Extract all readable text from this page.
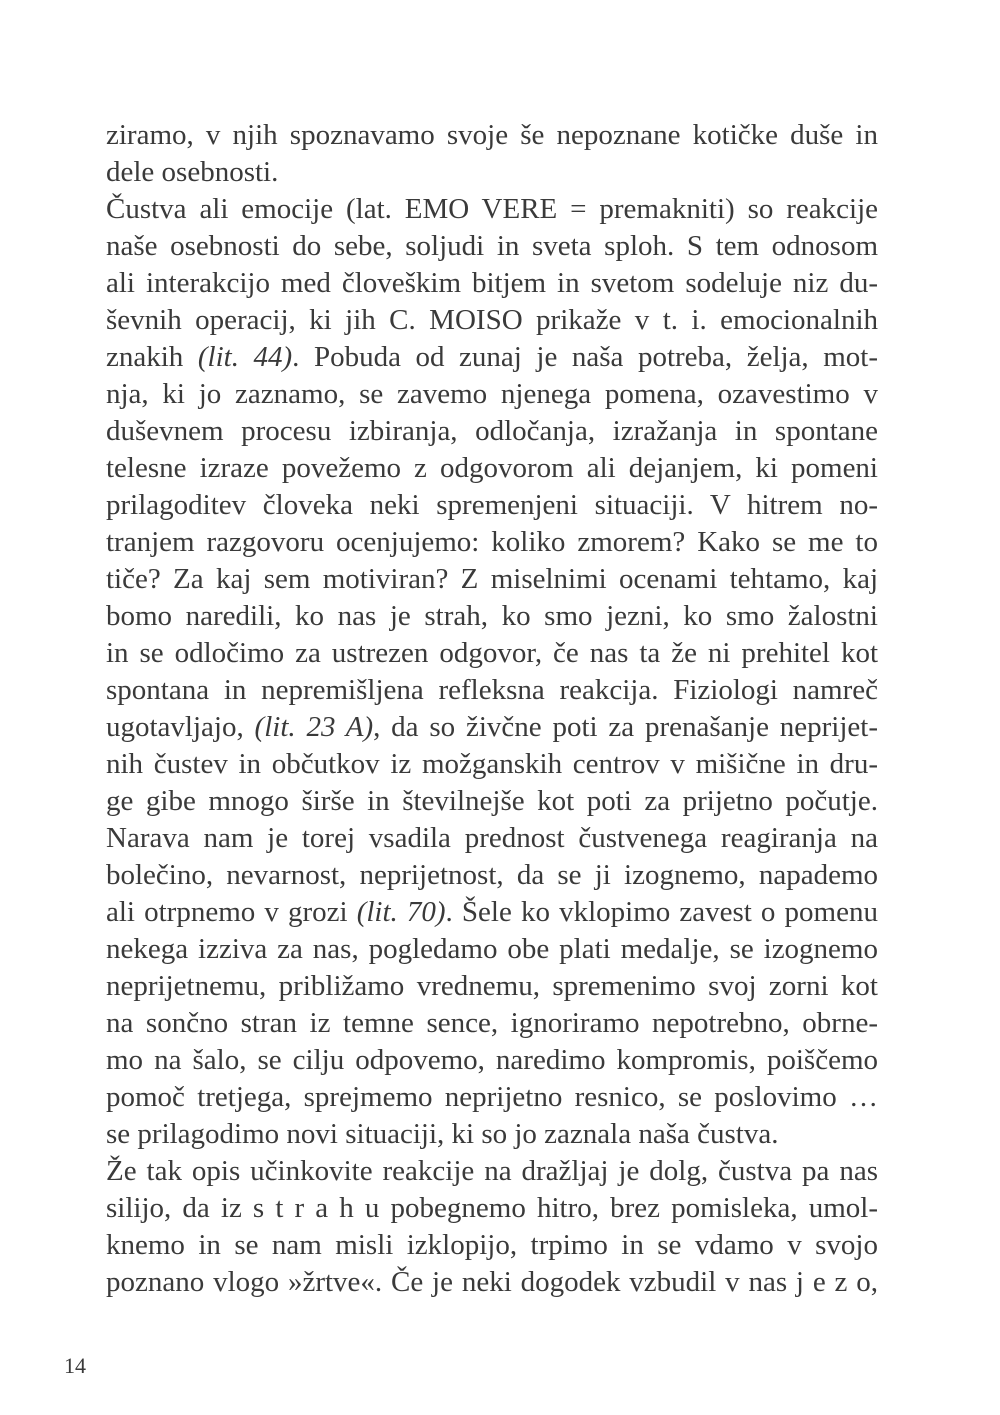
ziramo, v njih spoznavamo svoje še nepoznane kotičke duše in
dele osebnosti.
Čustva ali emocije (lat. EMO VERE = premakniti) so reakcije
naše osebnosti do sebe, soljudi in sveta sploh. S tem odnosom
ali interakcijo med človeškim bitjem in svetom sodeluje niz du-
ševnih operacij, ki jih C. MOISO prikaže v t. i. emocionalnih
znakih (lit. 44). Pobuda od zunaj je naša potreba, želja, mot-
nja, ki jo zaznamo, se zavemo njenega pomena, ozavestimo v
duševnem procesu izbiranja, odločanja, izražanja in spontane
telesne izraze povežemo z odgovorom ali dejanjem, ki pomeni
prilagoditev človeka neki spremenjeni situaciji. V hitrem no-
tranjem razgovoru ocenjujemo: koliko zmorem? Kako se me to
tiče? Za kaj sem motiviran? Z miselnimi ocenami tehtamo, kaj
bomo naredili, ko nas je strah, ko smo jezni, ko smo žalostni
in se odločimo za ustrezen odgovor, če nas ta že ni prehitel kot
spontana in nepremišljena refleksna reakcija. Fiziologi namreč
ugotavljajo, (lit. 23 A), da so živčne poti za prenašanje neprijet-
nih čustev in občutkov iz možganskih centrov v mišične in dru-
ge gibe mnogo širše in številnejše kot poti za prijetno počutje.
Narava nam je torej vsadila prednost čustvenega reagiranja na
bolečino, nevarnost, neprijetnost, da se ji izognemo, napademo
ali otrpnemo v grozi (lit. 70). Šele ko vklopimo zavest o pomenu
nekega izziva za nas, pogledamo obe plati medalje, se izognemo
neprijetnemu, približamo vrednemu, spremenimo svoj zorni kot
na sončno stran iz temne sence, ignoriramo nepotrebno, obrne-
mo na šalo, se cilju odpovemo, naredimo kompromis, poiščemo
pomoč tretjega, sprejmemo neprijetno resnico, se poslovimo …
se prilagodimo novi situaciji, ki so jo zaznala naša čustva.
Že tak opis učinkovite reakcije na dražljaj je dolg, čustva pa nas
silijo, da iz s t r a h u pobegnemo hitro, brez pomisleka, umol-
knemo in se nam misli izklopijo, trpimo in se vdamo v svojo
poznano vlogo »žrtve«. Če je neki dogodek vzbudil v nas j e z o,
14
